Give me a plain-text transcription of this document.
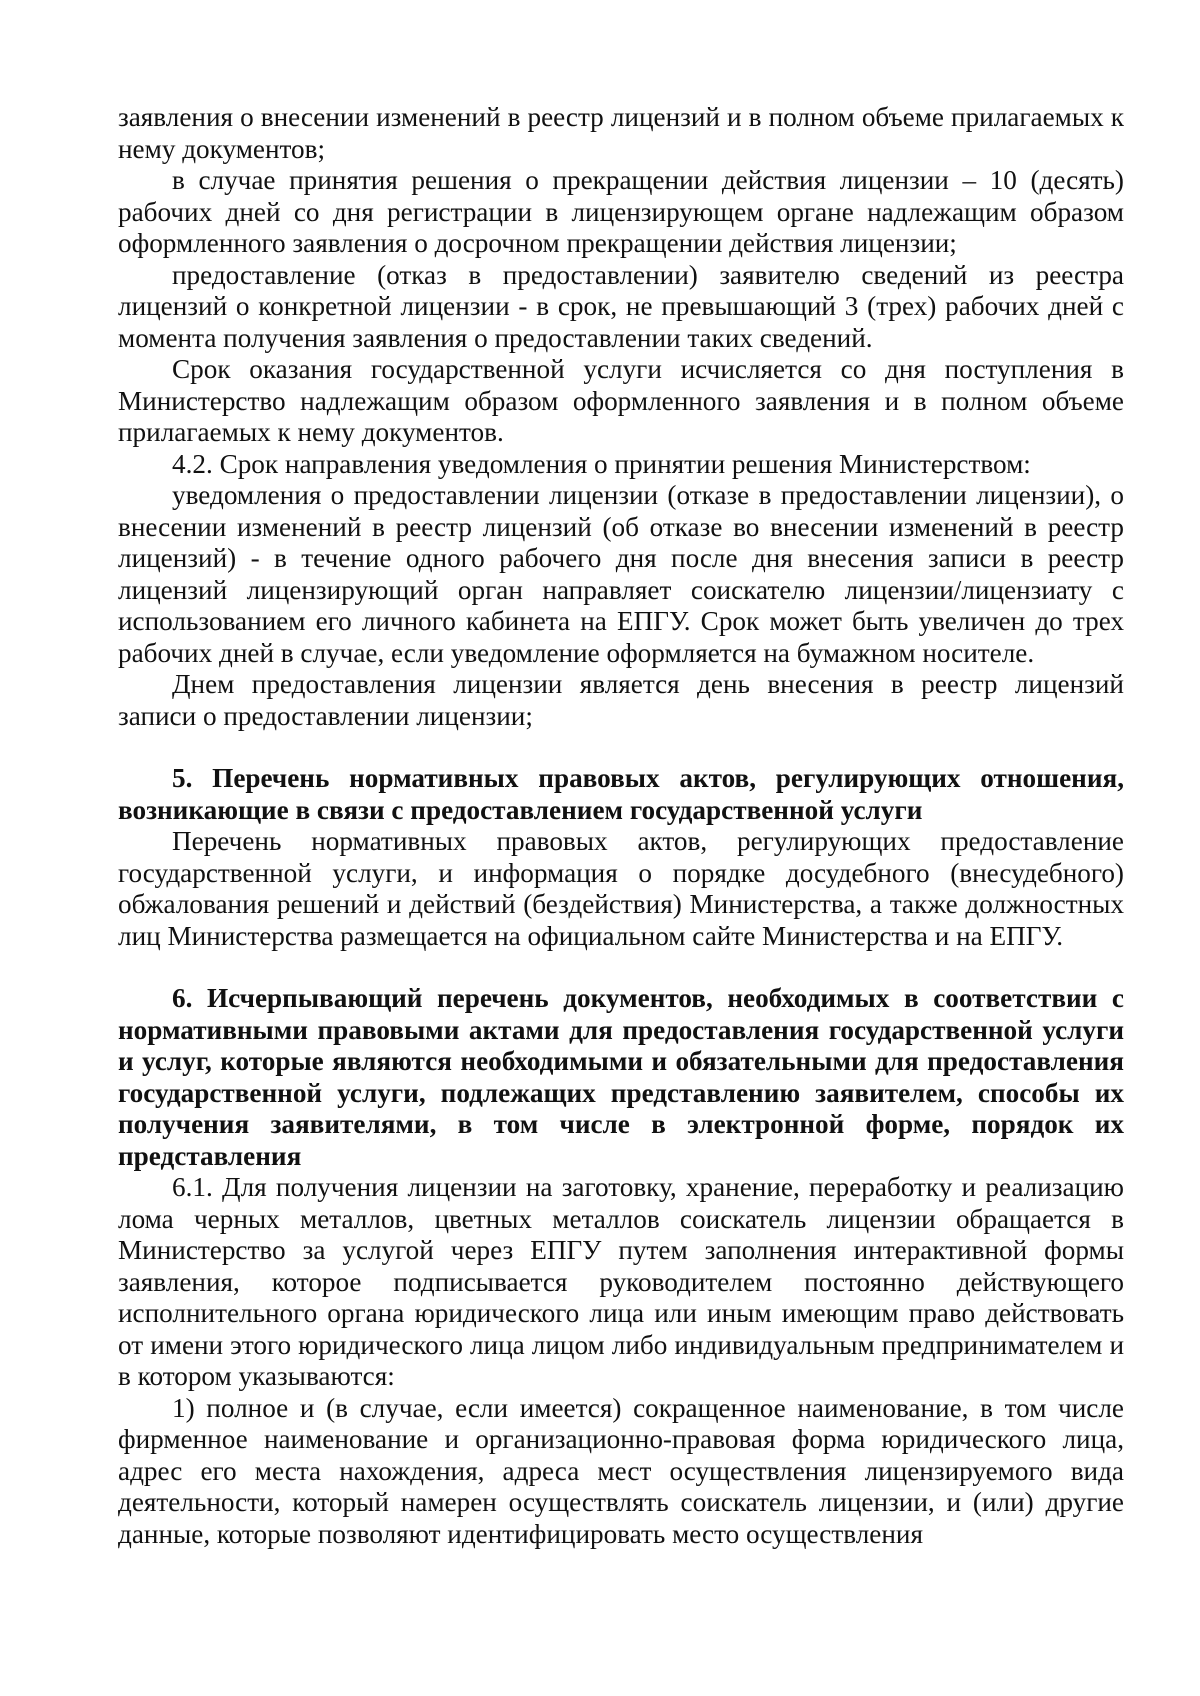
заявления о внесении изменений в реестр лицензий и в полном объеме прилагаемых к нему документов;

в случае принятия решения о прекращении действия лицензии – 10 (десять) рабочих дней со дня регистрации в лицензирующем органе надлежащим образом оформленного заявления о досрочном прекращении действия лицензии;

предоставление (отказ в предоставлении) заявителю сведений из реестра лицензий о конкретной лицензии - в срок, не превышающий 3 (трех) рабочих дней с момента получения заявления о предоставлении таких сведений.

Срок оказания государственной услуги исчисляется со дня поступления в Министерство надлежащим образом оформленного заявления и в полном объеме прилагаемых к нему документов.

4.2. Срок направления уведомления о принятии решения Министерством:

уведомления о предоставлении лицензии (отказе в предоставлении лицензии), о внесении изменений в реестр лицензий (об отказе во внесении изменений в реестр лицензий) - в течение одного рабочего дня после дня внесения записи в реестр лицензий лицензирующий орган направляет соискателю лицензии/лицензиату с использованием его личного кабинета на ЕПГУ. Срок может быть увеличен до трех рабочих дней в случае, если уведомление оформляется на бумажном носителе.

Днем предоставления лицензии является день внесения в реестр лицензий записи о предоставлении лицензии;

5. Перечень нормативных правовых актов, регулирующих отношения, возникающие в связи с предоставлением государственной услуги

Перечень нормативных правовых актов, регулирующих предоставление государственной услуги, и информация о порядке досудебного (внесудебного) обжалования решений и действий (бездействия) Министерства, а также должностных лиц Министерства размещается на официальном сайте Министерства и на ЕПГУ.

6. Исчерпывающий перечень документов, необходимых в соответствии с нормативными правовыми актами для предоставления государственной услуги и услуг, которые являются необходимыми и обязательными для предоставления государственной услуги, подлежащих представлению заявителем, способы их получения заявителями, в том числе в электронной форме, порядок их представления

6.1. Для получения лицензии на заготовку, хранение, переработку и реализацию лома черных металлов, цветных металлов соискатель лицензии обращается в Министерство за услугой через ЕПГУ путем заполнения интерактивной формы заявления, которое подписывается руководителем постоянно действующего исполнительного органа юридического лица или иным имеющим право действовать от имени этого юридического лица лицом либо индивидуальным предпринимателем и в котором указываются:

1) полное и (в случае, если имеется) сокращенное наименование, в том числе фирменное наименование и организационно-правовая форма юридического лица, адрес его места нахождения, адреса мест осуществления лицензируемого вида деятельности, который намерен осуществлять соискатель лицензии, и (или) другие данные, которые позволяют идентифицировать место осуществления
